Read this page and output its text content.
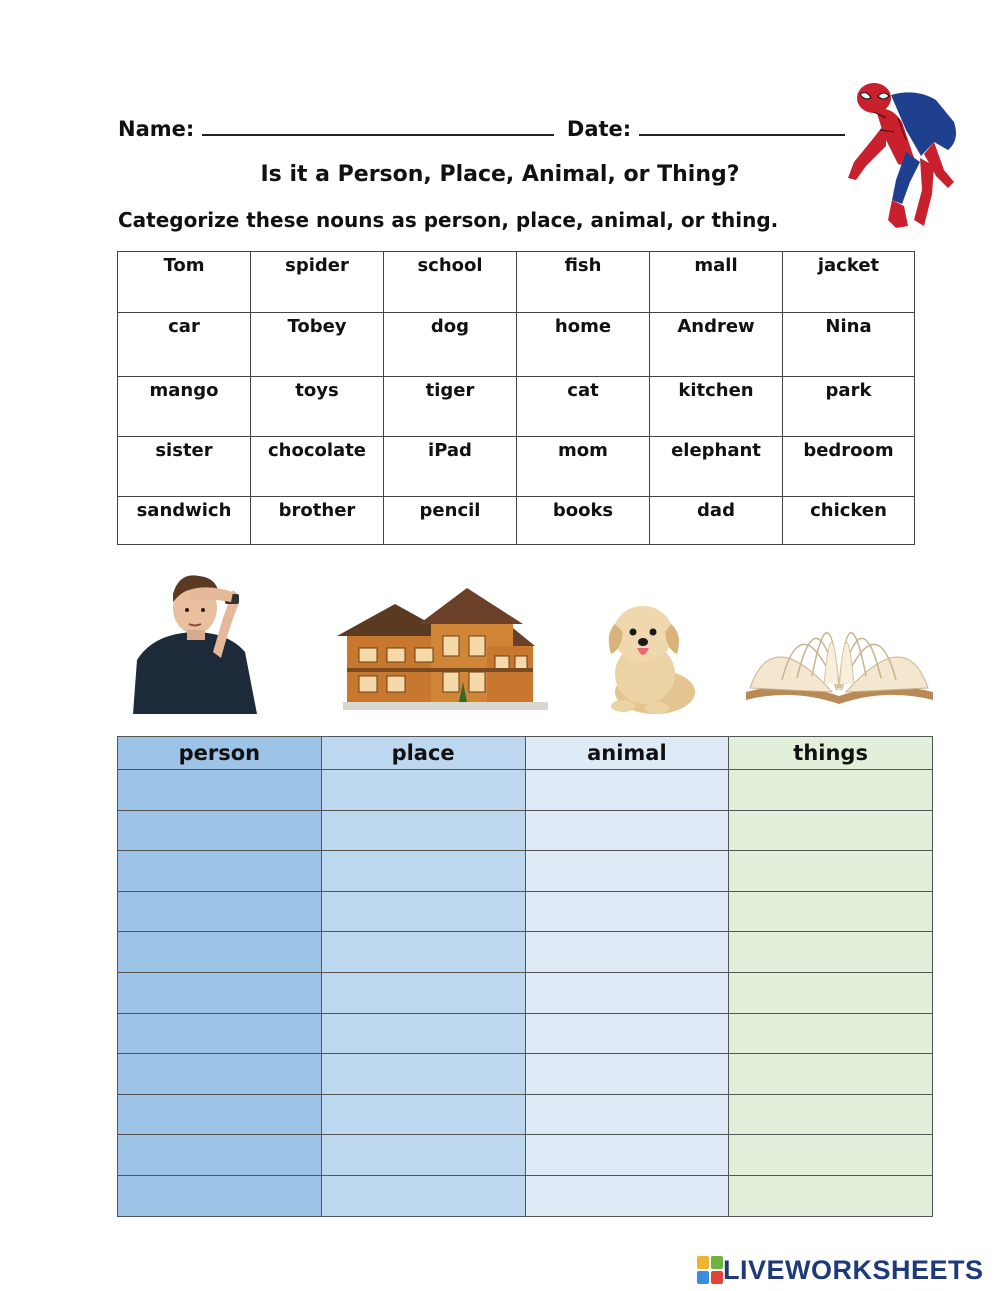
Name:	Date:
Is it a Person, Place, Animal, or Thing?
Categorize these nouns as person, place, animal, or thing.
Tom	spider	school	fish	mall	jacket
car	Tobey	dog	home	Andrew	Nina
mango	toys	tiger	cat	kitchen	park
sister	chocolate	iPad	mom	elephant	bedroom
sandwich	brother	pencil	books	dad	chicken
person	place	animal	things

LIVEWORKSHEETS
